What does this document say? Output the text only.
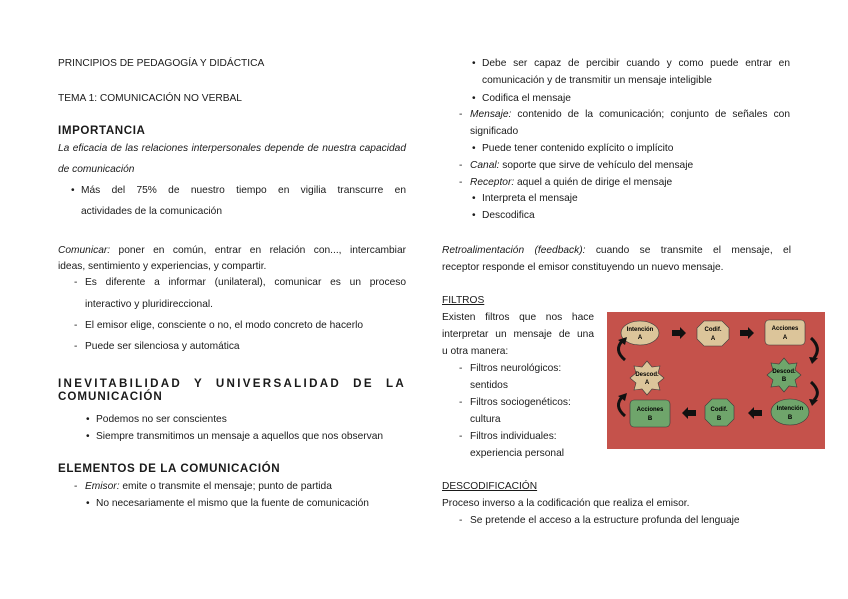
PRINCIPIOS DE PEDAGOGÍA Y DIDÁCTICA
TEMA 1: COMUNICACIÓN NO VERBAL
IMPORTANCIA
La eficacia de las relaciones interpersonales depende de nuestra capacidad
de comunicación
• Más del 75% de nuestro tiempo en vigilia transcurre en
actividades de la comunicación
Comunicar: poner en común, entrar en relación con..., intercambiar
ideas, sentimiento y experiencias, y compartir.
- Es diferente a informar (unilateral), comunicar es un proceso
interactivo y pluridireccional.
- El emisor elige, consciente o no, el modo concreto de hacerlo
- Puede ser silenciosa y automática
INEVITABILIDAD Y UNIVERSALIDAD DE LA
COMUNICACIÓN
• Podemos no ser conscientes
• Siempre transmitimos un mensaje a aquellos que nos observan
ELEMENTOS DE LA COMUNICACIÓN
- Emisor: emite o transmite el mensaje; punto de partida
• No necesariamente el mismo que la fuente de comunicación
• Debe ser capaz de percibir cuando y como puede entrar en
comunicación y de transmitir un mensaje inteligible
• Codifica el mensaje
- Mensaje: contenido de la comunicación; conjunto de señales con
significado
• Puede tener contenido explícito o implícito
- Canal: soporte que sirve de vehículo del mensaje
- Receptor: aquel a quién de dirige el mensaje
• Interpreta el mensaje
• Descodifica
Retroalimentación (feedback): cuando se transmite el mensaje, el
receptor responde el emisor constituyendo un nuevo mensaje.
FILTROS
Existen filtros que nos hace
interpretar un mensaje de una
u otra manera:
- Filtros neurológicos:
sentidos
- Filtros sociogenéticos:
cultura
- Filtros individuales:
experiencia personal
Intención
A
Codif.
A
Acciones
A
Descod.
A
Descod.
B
Acciones
B
Codif.
B
Intención
B
DESCODIFICACIÓN
Proceso inverso a la codificación que realiza el emisor.
- Se pretende el acceso a la estructure profunda del lenguaje
